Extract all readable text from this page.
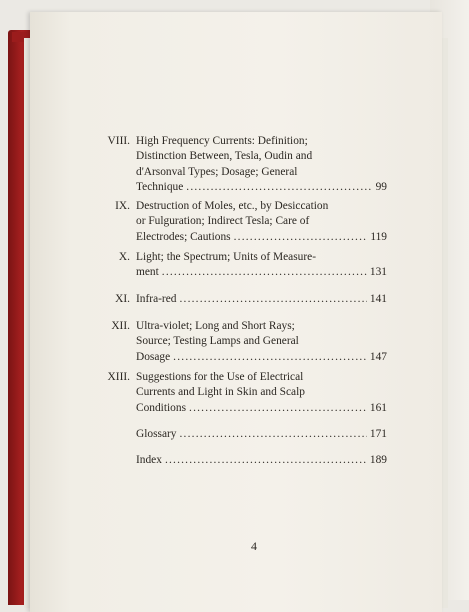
VIII. High Frequency Currents: Definition;
Distinction Between, Tesla, Oudin and
d'Arsonval Types; Dosage; General
Technique .....	99
IX. Destruction of Moles, etc., by Desiccation
or Fulguration; Indirect Tesla; Care of
Electrodes; Cautions .....	119
X. Light; the Spectrum; Units of Measure-
ment .....	131
XI. Infra-red .....	141
XII. Ultra-violet; Long and Short Rays;
Source; Testing Lamps and General
Dosage .....	147
XIII. Suggestions for the Use of Electrical
Currents and Light in Skin and Scalp
Conditions .....	161
Glossary .....	171
Index .....	189
4
